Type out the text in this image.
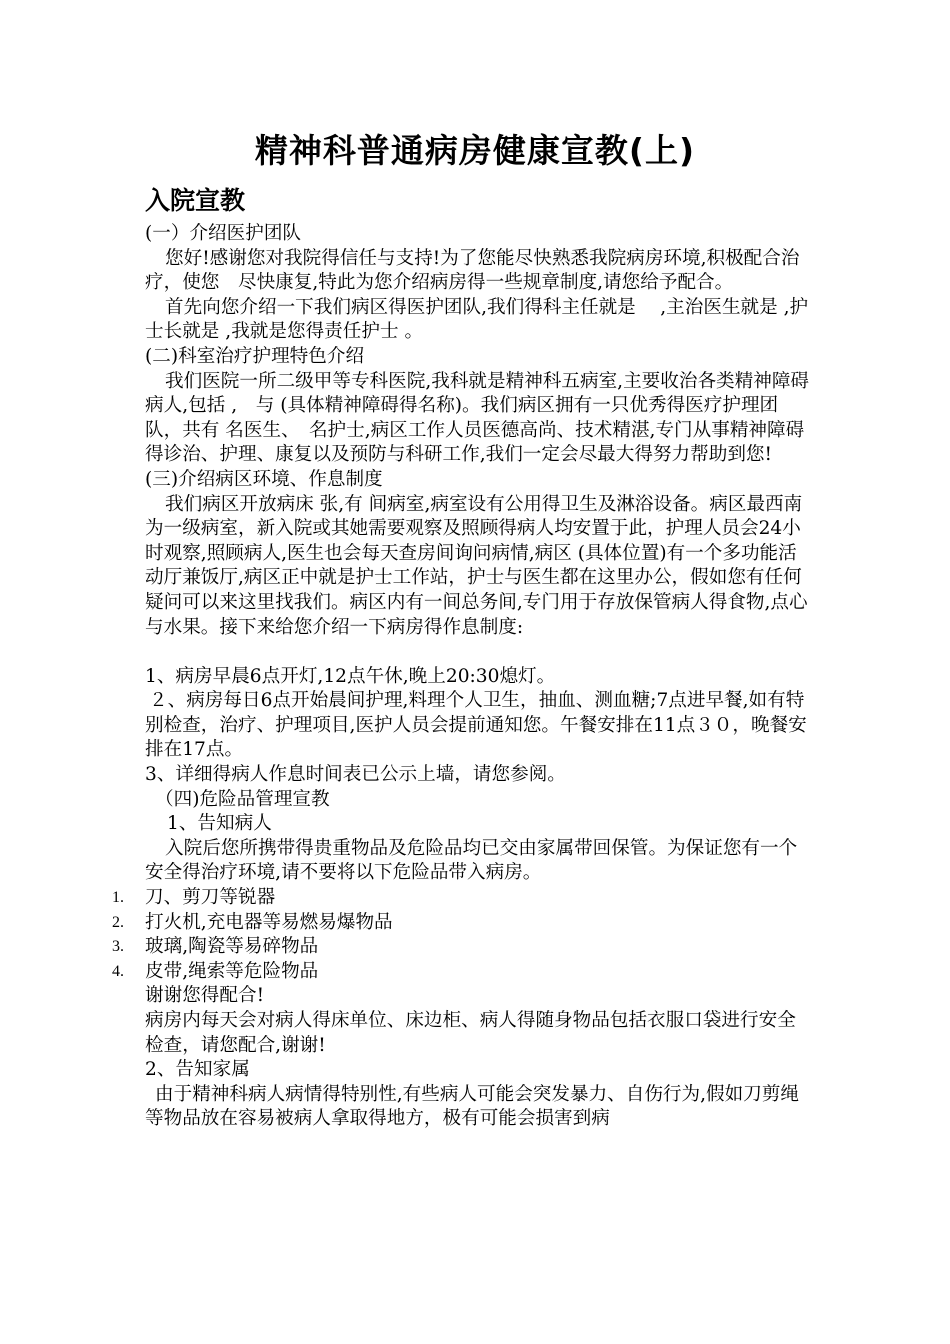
精神科普通病房健康宣教(上)
入院宣教

(一）介绍医护团队

您好!感谢您对我院得信任与支持!为了您能尽快熟悉我院病房环境,积极配合治疗，使您　尽快康复,特此为您介绍病房得一些规章制度,请您给予配合。

首先向您介绍一下我们病区得医护团队,我们得科主任就是　 ,主治医生就是 ,护士长就是 ,我就是您得责任护士 。

(二)科室治疗护理特色介绍

我们医院一所二级甲等专科医院,我科就是精神科五病室,主要收治各类精神障碍病人,包括 ,　与 (具体精神障碍得名称)。我们病区拥有一只优秀得医疗护理团队，共有 名医生、　名护士,病区工作人员医德高尚、技术精湛,专门从事精神障碍得诊治、护理、康复以及预防与科研工作,我们一定会尽最大得努力帮助到您!

(三)介绍病区环境、作息制度

我们病区开放病床 张,有 间病室,病室设有公用得卫生及淋浴设备。病区最西南为一级病室，新入院或其她需要观察及照顾得病人均安置于此，护理人员会24小时观察,照顾病人,医生也会每天查房间询问病情,病区 (具体位置)有一个多功能活动厅兼饭厅,病区正中就是护士工作站，护士与医生都在这里办公，假如您有任何疑问可以来这里找我们。病区内有一间总务间,专门用于存放保管病人得食物,点心与水果。接下来给您介绍一下病房得作息制度:

1、病房早晨6点开灯,12点午休,晚上20:30熄灯。

２、病房每日6点开始晨间护理,料理个人卫生，抽血、测血糖;7点进早餐,如有特别检查，治疗、护理项目,医护人员会提前通知您。午餐安排在11点３０，晚餐安排在17点。

3、详细得病人作息时间表已公示上墙，请您参阅。

（四)危险品管理宣教

1、告知病人

入院后您所携带得贵重物品及危险品均已交由家属带回保管。为保证您有一个安全得治疗环境,请不要将以下危险品带入病房。

1. 刀、剪刀等锐器
2. 打火机,充电器等易燃易爆物品
3. 玻璃,陶瓷等易碎物品
4. 皮带,绳索等危险物品

谢谢您得配合!

病房内每天会对病人得床单位、床边柜、病人得随身物品包括衣服口袋进行安全检查，请您配合,谢谢!

2、告知家属

由于精神科病人病情得特别性,有些病人可能会突发暴力、自伤行为,假如刀剪绳等物品放在容易被病人拿取得地方，极有可能会损害到病
